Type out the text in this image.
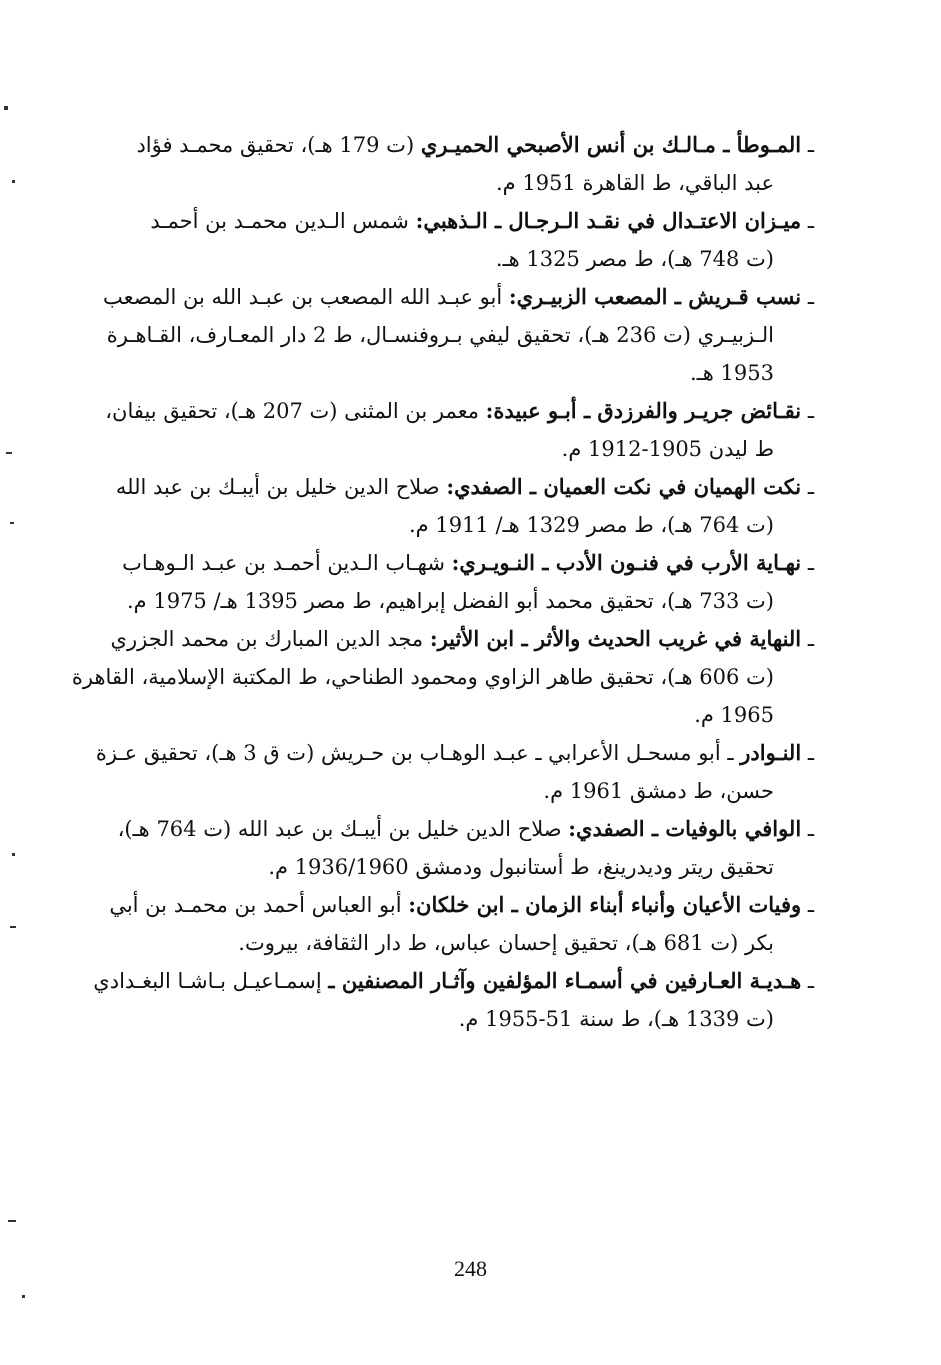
ـ المـوطأ ـ مـالـك بن أنس الأصبحي الحميـري (ت 179 هـ)، تحقيق محمـد فؤاد
عبد الباقي، ط القاهرة 1951 م.

ـ ميـزان الاعتـدال في نقـد الـرجـال ـ الـذهبي: شمس الـدين محمـد بن أحمـد
(ت 748 هـ)، ط مصر 1325 هـ.

ـ نسب قـريش ـ المصعب الزبيـري: أبو عبـد الله المصعب بن عبـد الله بن المصعب
الـزبيـري (ت 236 هـ)، تحقيق ليفي بـروفنسـال، ط 2 دار المعـارف، القـاهـرة
1953 هـ.

ـ نقـائض جريـر والفرزدق ـ أبـو عبيدة: معمر بن المثنى (ت 207 هـ)، تحقيق بيفان،
ط ليدن 1905-1912 م.

ـ نكت الهميان في نكت العميان ـ الصفدي: صلاح الدين خليل بن أيبـك بن عبد الله
(ت 764 هـ)، ط مصر 1329 هـ/ 1911 م.

ـ نهـاية الأرب في فنـون الأدب ـ النـويـري: شهـاب الـدين أحمـد بن عبـد الـوهـاب
(ت 733 هـ)، تحقيق محمد أبو الفضل إبراهيم، ط مصر 1395 هـ/ 1975 م.

ـ النهاية في غريب الحديث والأثر ـ ابن الأثير: مجد الدين المبارك بن محمد الجزري
(ت 606 هـ)، تحقيق طاهر الزاوي ومحمود الطناحي، ط المكتبة الإسلامية، القاهرة
1965 م.

ـ النـوادر ـ أبو مسحـل الأعرابي ـ عبـد الوهـاب بن حـريش (ت ق 3 هـ)، تحقيق عـزة
حسن، ط دمشق 1961 م.

ـ الوافي بالوفيات ـ الصفدي: صلاح الدين خليل بن أيبـك بن عبد الله (ت 764 هـ)،
تحقيق ريتر وديدرينغ، ط أستانبول ودمشق 1936/1960 م.

ـ وفيات الأعيان وأنباء أبناء الزمان ـ ابن خلكان: أبو العباس أحمد بن محمـد بن أبي
بكر (ت 681 هـ)، تحقيق إحسان عباس، ط دار الثقافة، بيروت.

ـ هـديـة العـارفين في أسمـاء المؤلفين وآثـار المصنفين ـ إسمـاعيـل بـاشـا البغـدادي
(ت 1339 هـ)، ط سنة 51-1955 م.

248
